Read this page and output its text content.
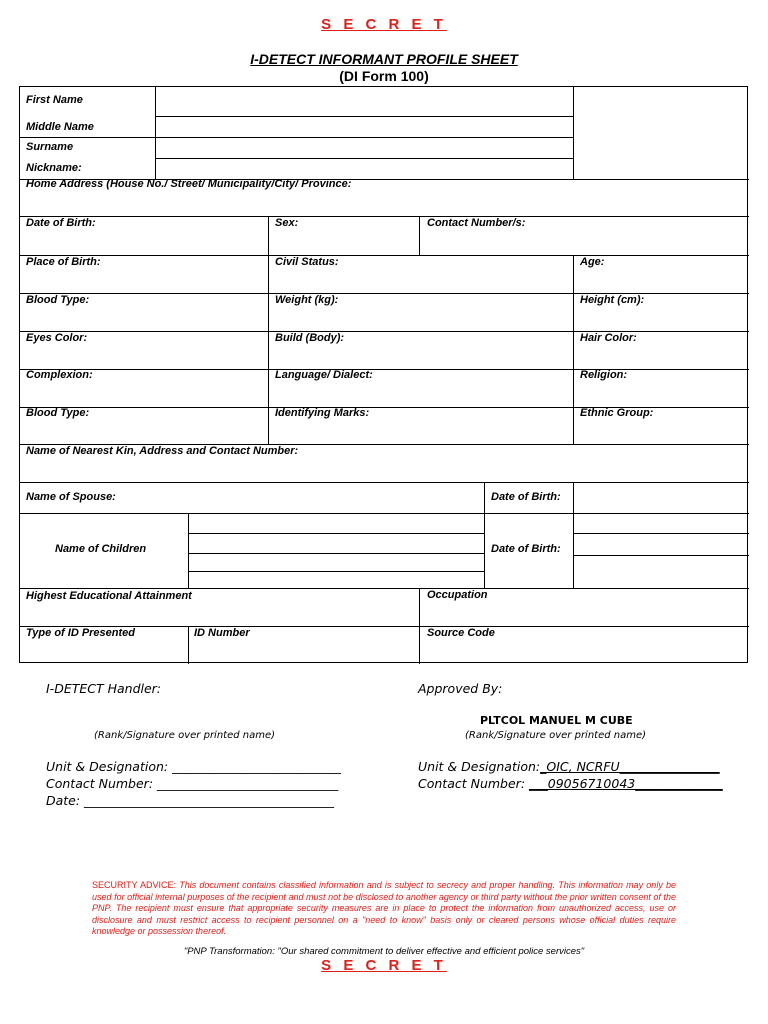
S E C R E T
I-DETECT INFORMANT PROFILE SHEET
(DI Form 100)
First Name
Middle Name
Surname
Nickname:
Home Address (House No./ Street/ Municipality/City/ Province:
Date of Birth:	Sex:	Contact Number/s:
Place of Birth:	Civil Status:	Age:
Blood Type:	Weight (kg):	Height (cm):
Eyes Color:	Build (Body):	Hair Color:
Complexion:	Language/ Dialect:	Religion:
Blood Type:	Identifying Marks:	Ethnic Group:
Name of Nearest Kin, Address and Contact Number:
Name of Spouse:	Date of Birth:
Name of Children	Date of Birth:
Highest Educational Attainment	Occupation
Type of ID Presented	ID Number	Source Code
I-DETECT Handler:	Approved By:
PLTCOL MANUEL M CUBE
(Rank/Signature over printed name)	(Rank/Signature over printed name)
Unit & Designation: ___________________________
Contact Number: _____________________________
Date: ________________________________________
Unit & Designation:_OIC, NCRFU________________
Contact Number: ___09056710043______________
SECURITY ADVICE: This document contains classified information and is subject to secrecy and proper handling. This information may only be used for official internal purposes of the recipient and must not be disclosed to another agency or third party without the prior written consent of the PNP. The recipient must ensure that appropriate security measures are in place to protect the information from unauthorized access, use or disclosure and must restrict access to recipient personnel on a "need to know" basis only or cleared persons whose official duties require knowledge or possession thereof.
"PNP Transformation: "Our shared commitment to deliver effective and efficient police services"
S E C R E T
